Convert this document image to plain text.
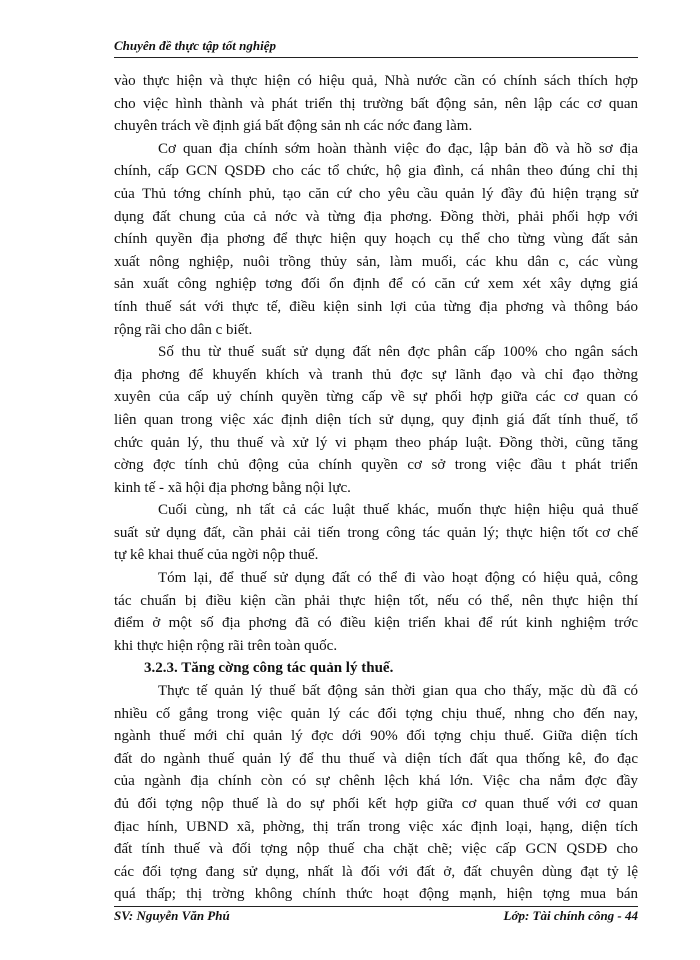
Chuyên đề thực tập tốt nghiệp
vào thực hiện và thực hiện có hiệu quả, Nhà nước cần có chính sách thích hợp
cho việc hình thành và phát triển thị trường bất động sản, nên lập các cơ quan
chuyên trách về định giá bất động sản nh các nớc đang làm.
Cơ quan địa chính sớm hoàn thành việc đo đạc, lập bản đồ và hồ sơ địa
chính, cấp GCN QSDĐ cho các tổ chức, hộ gia đình, cá nhân theo đúng chỉ thị
của Thủ tớng chính phủ, tạo căn cứ cho yêu cầu quản lý đầy đủ hiện trạng sử
dụng đất chung của cả nớc và từng địa phơng. Đồng thời, phải phối hợp với
chính quyền địa phơng để thực hiện quy hoạch cụ thể cho từng vùng đất sản
xuất nông nghiệp, nuôi trồng thủy sản, làm muối, các khu dân c, các vùng
sản xuất công nghiệp tơng đối ổn định để có căn cứ xem xét xây dựng giá
tính thuế sát với thực tế, điều kiện sinh lợi của từng địa phơng và thông báo
rộng rãi cho dân c biết.
Số thu từ thuế suất sử dụng đất nên đợc phân cấp 100% cho ngân sách
địa phơng để khuyến khích và tranh thủ đợc sự lãnh đạo và chỉ đạo thờng
xuyên của cấp uỷ chính quyền từng cấp về sự phối hợp giữa các cơ quan có
liên quan trong việc xác định diện tích sử dụng, quy định giá đất tính thuế, tổ
chức quản lý, thu thuế và xử lý vi phạm theo pháp luật. Đồng thời, cũng tăng
cờng đợc tính chủ động của chính quyền cơ sở trong việc đầu t phát triển
kinh tế - xã hội địa phơng bằng nội lực.
Cuối cùng, nh tất cả các luật thuế khác, muốn thực hiện hiệu quả thuế
suất sử dụng đất, cần phải cải tiến trong công tác quản lý; thực hiện tốt cơ chế
tự kê khai thuế của ngời nộp thuế.
Tóm lại, để thuế sử dụng đất có thể đi vào hoạt động có hiệu quả, công
tác chuẩn bị điều kiện cần phải thực hiện tốt, nếu có thể, nên thực hiện thí
điểm ở một số địa phơng đã có điều kiện triển khai để rút kinh nghiệm trớc
khi thực hiện rộng rãi trên toàn quốc.
3.2.3. Tăng cờng công tác quản lý thuế.
Thực tế quản lý thuế bất động sản thời gian qua cho thấy, mặc dù đã có
nhiều cố gắng trong việc quản lý các đối tợng chịu thuế, nhng cho đến nay,
ngành thuế mới chỉ quản lý đợc dới 90% đối tợng chịu thuế. Giữa diện tích
đất do ngành thuế quản lý để thu thuế và diện tích đất qua thống kê, đo đạc
của ngành địa chính còn có sự chênh lệch khá lớn. Việc cha nắm đợc đầy
đủ đối tợng nộp thuế là do sự phối kết hợp giữa cơ quan thuế với cơ quan
địac hính, UBND xã, phờng, thị trấn trong việc xác định loại, hạng, diện tích
đất tính thuế và đối tợng nộp thuế cha chặt chẽ; việc cấp GCN QSDĐ cho
các đối tợng đang sử dụng, nhất là đối với đất ở, đất chuyên dùng đạt tỷ lệ
quá thấp; thị trờng không chính thức hoạt động mạnh, hiện tợng mua bán
SV: Nguyễn Văn Phú	Lớp: Tài chính công - 44
